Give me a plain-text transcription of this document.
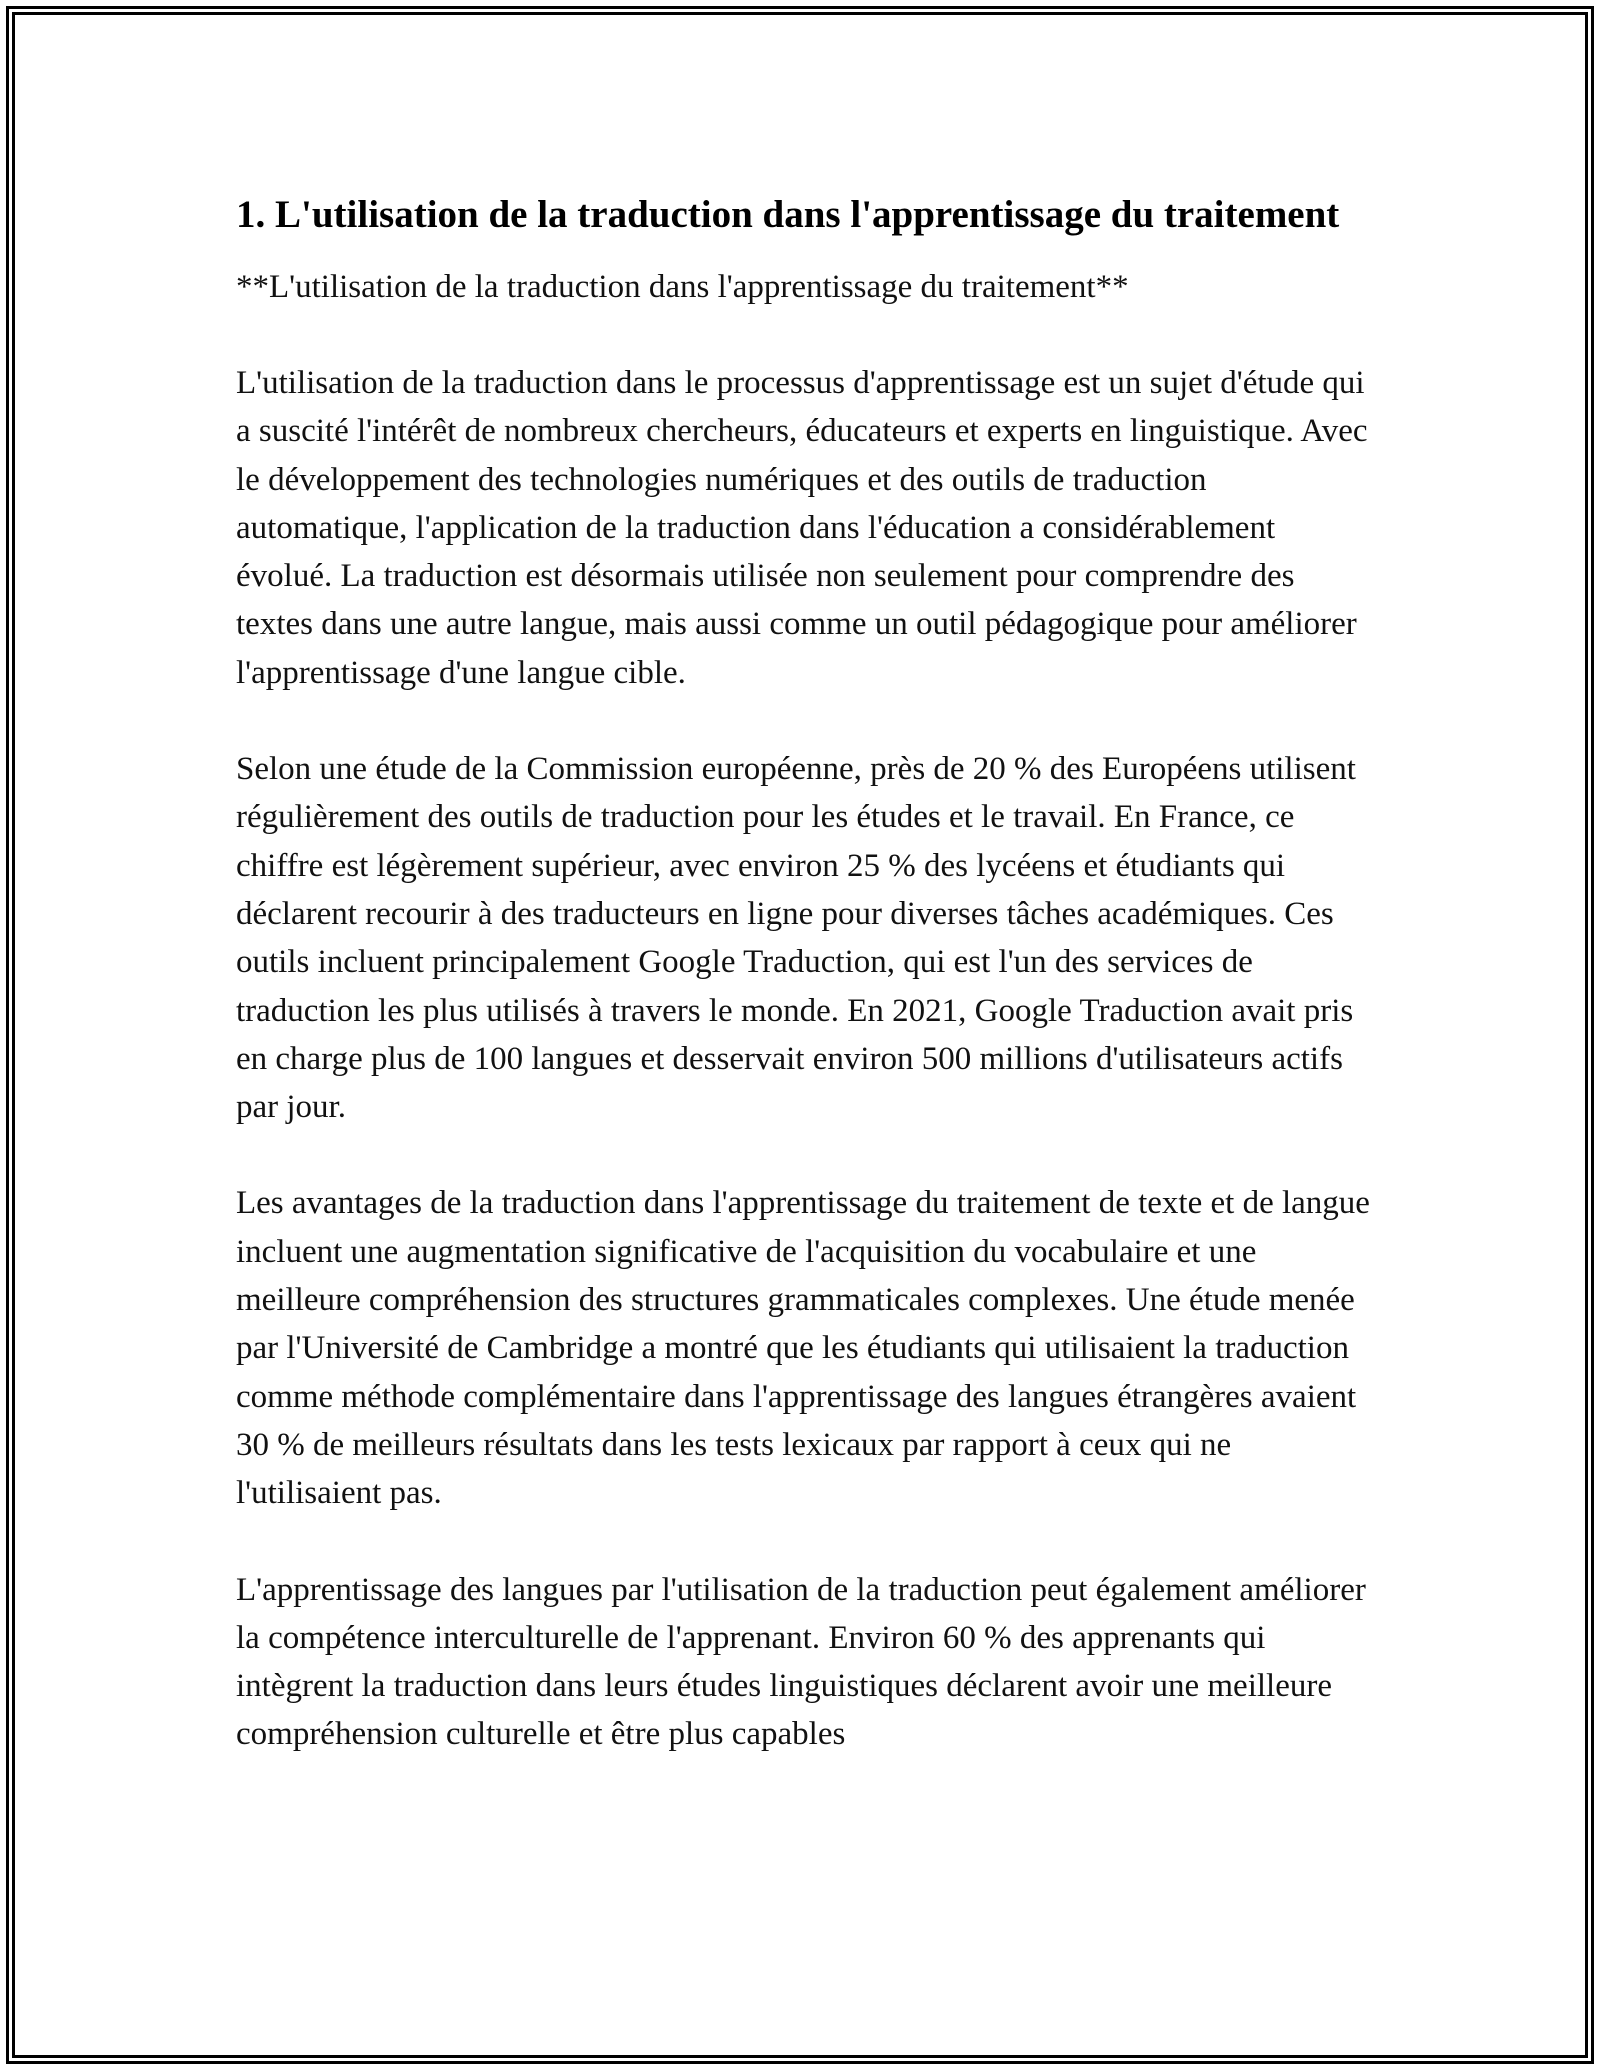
1. L'utilisation de la traduction dans l'apprentissage du traitement

**L'utilisation de la traduction dans l'apprentissage du traitement**

L'utilisation de la traduction dans le processus d'apprentissage est un sujet d'étude qui a suscité l'intérêt de nombreux chercheurs, éducateurs et experts en linguistique. Avec le développement des technologies numériques et des outils de traduction automatique, l'application de la traduction dans l'éducation a considérablement évolué. La traduction est désormais utilisée non seulement pour comprendre des textes dans une autre langue, mais aussi comme un outil pédagogique pour améliorer l'apprentissage d'une langue cible.

Selon une étude de la Commission européenne, près de 20 % des Européens utilisent régulièrement des outils de traduction pour les études et le travail. En France, ce chiffre est légèrement supérieur, avec environ 25 % des lycéens et étudiants qui déclarent recourir à des traducteurs en ligne pour diverses tâches académiques. Ces outils incluent principalement Google Traduction, qui est l'un des services de traduction les plus utilisés à travers le monde. En 2021, Google Traduction avait pris en charge plus de 100 langues et desservait environ 500 millions d'utilisateurs actifs par jour.

Les avantages de la traduction dans l'apprentissage du traitement de texte et de langue incluent une augmentation significative de l'acquisition du vocabulaire et une meilleure compréhension des structures grammaticales complexes. Une étude menée par l'Université de Cambridge a montré que les étudiants qui utilisaient la traduction comme méthode complémentaire dans l'apprentissage des langues étrangères avaient 30 % de meilleurs résultats dans les tests lexicaux par rapport à ceux qui ne l'utilisaient pas.

L'apprentissage des langues par l'utilisation de la traduction peut également améliorer la compétence interculturelle de l'apprenant. Environ 60 % des apprenants qui intègrent la traduction dans leurs études linguistiques déclarent avoir une meilleure compréhension culturelle et être plus capables
